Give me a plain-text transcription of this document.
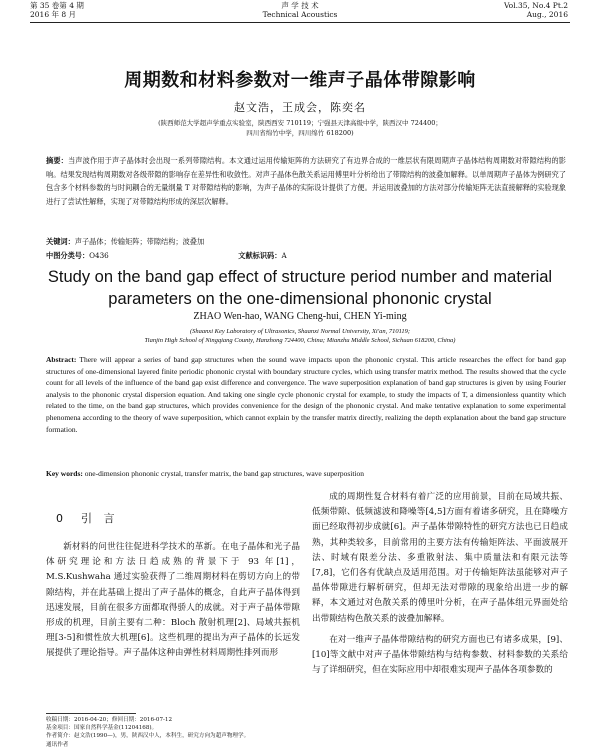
第 35 卷第 4 期
2016 年 8 月
声 学 技 术
Technical Acoustics
Vol.35, No.4 Pt.2
Aug., 2016
周期数和材料参数对一维声子晶体带隙影响
赵文浩，王成会，陈奕名
(陕西师范大学超声学重点实验室，陕西西安 710119；宁强县天津高级中学，陕西汉中 724400；
四川省绵竹中学，四川绵竹 618200)
摘要：当声波作用于声子晶体时会出现一系列带隙结构。本文通过运用传输矩阵的方法研究了有边界合成的一维层状有限周期声子晶体结构周期数对带隙结构的影响。结果发现结构周期数对各级带隙的影响存在差异性和收敛性。对声子晶体色散关系运用傅里叶分析给出了带隙结构的波叠加解释。以单周期声子晶体为例研究了包含多个材料参数的与时间耦合的无量纲量 T 对带隙结构的影响，为声子晶体的实际设计提供了方便。并运用波叠加的方法对部分传输矩阵无法直接解释的实验现象进行了尝试性解释，实现了对带隙结构形成的深层次解释。
关键词：声子晶体；传输矩阵；带隙结构；波叠加
中图分类号：O436	文献标识码：A
Study on the band gap effect of structure period number and material
parameters on the one-dimensional phononic crystal
ZHAO Wen-hao, WANG Cheng-hui, CHEN Yi-ming
(Shaanxi Key Laboratory of Ultrasonics, Shaanxi Normal University, Xi'an, 710119;
Tianjin High School of Ningqiang County, Hanzhong 724400, China; Mianzhu Middle School, Sichuan 618200, China)
Abstract: There will appear a series of band gap structures when the sound wave impacts upon the phononic crystal. This article researches the effect for band gap structures of one-dimensional layered finite periodic phononic crystal with boundary structure cycles, which using transfer matrix method. The results showed that the cycle count for all levels of the influence of the band gap exist difference and convergence. The wave superposition explanation of band gap structures is given by using Fourier analysis to the phononic crystal dispersion equation. And taking one single cycle phononic crystal for example, to study the impacts of T, a dimensionless quantity which related to the time, on the band gap structures, which provides convenience for the design of the phononic crystal. And make tentative explanation to some experimental phenomena according to the theory of wave superposition, which cannot explain by the transfer matrix directly, realizing the depth explanation about the band gap structure formation.
Key words: one-dimension phononic crystal, transfer matrix, the band gap structures, wave superposition
0 引 言
新材料的问世往往促进科学技术的革新。在电子晶体和光子晶体研究理论和方法日趋成熟的背景下于 93 年[1]，M.S.Kushwaha 通过实验获得了二维周期材料在剪切方向上的带隙结构，并在此基础上提出了声子晶体的概念，自此声子晶体得到迅速发展，目前在很多方面都取得骄人的成就。对于声子晶体带隙形成的机理，目前主要有二种：Bloch 散射机理[2]、局域共振机理[3-5]和惯性放大机理[6]。这些机理的提出为声子晶体的长远发展提供了理论指导。声子晶体这种由弹性材料周期性排列而形

成的周期性复合材料有着广泛的应用前景，目前在局域共振、低频带隙、低频滤波和降噪等[4,5]方面有着诸多研究，且在降噪方面已经取得初步成就[6]。声子晶体带隙特性的研究方法也已日趋成熟，其种类较多，目前常用的主要方法有传输矩阵法、平面波展开法、时域有限差分法、多重散射法、集中质量法和有限元法等[7,8]，它们各有优缺点及适用范围。对于传输矩阵法虽能够对声子晶体带隙进行解析研究，但却无法对带隙的现象给出进一步的解释，本文通过对色散关系的傅里叶分析，在声子晶体组元界面处给出带隙结构色散关系的波叠加解释。

在对一维声子晶体带隙结构的研究方面也已有诸多成果，[9]、[10]等文献中对声子晶体带隙结构与结构参数、材料参数的关系给与了详细研究，但在实际应用中却很难实现声子晶体各项参数的

收稿日期：2016-04-20；修回日期：2016-07-12
基金项目：国家自然科学基金(11204168)。
作者简介：赵文浩(1990—)，男，陕西汉中人，本科生，研究方向为超声物理学。
通讯作者
